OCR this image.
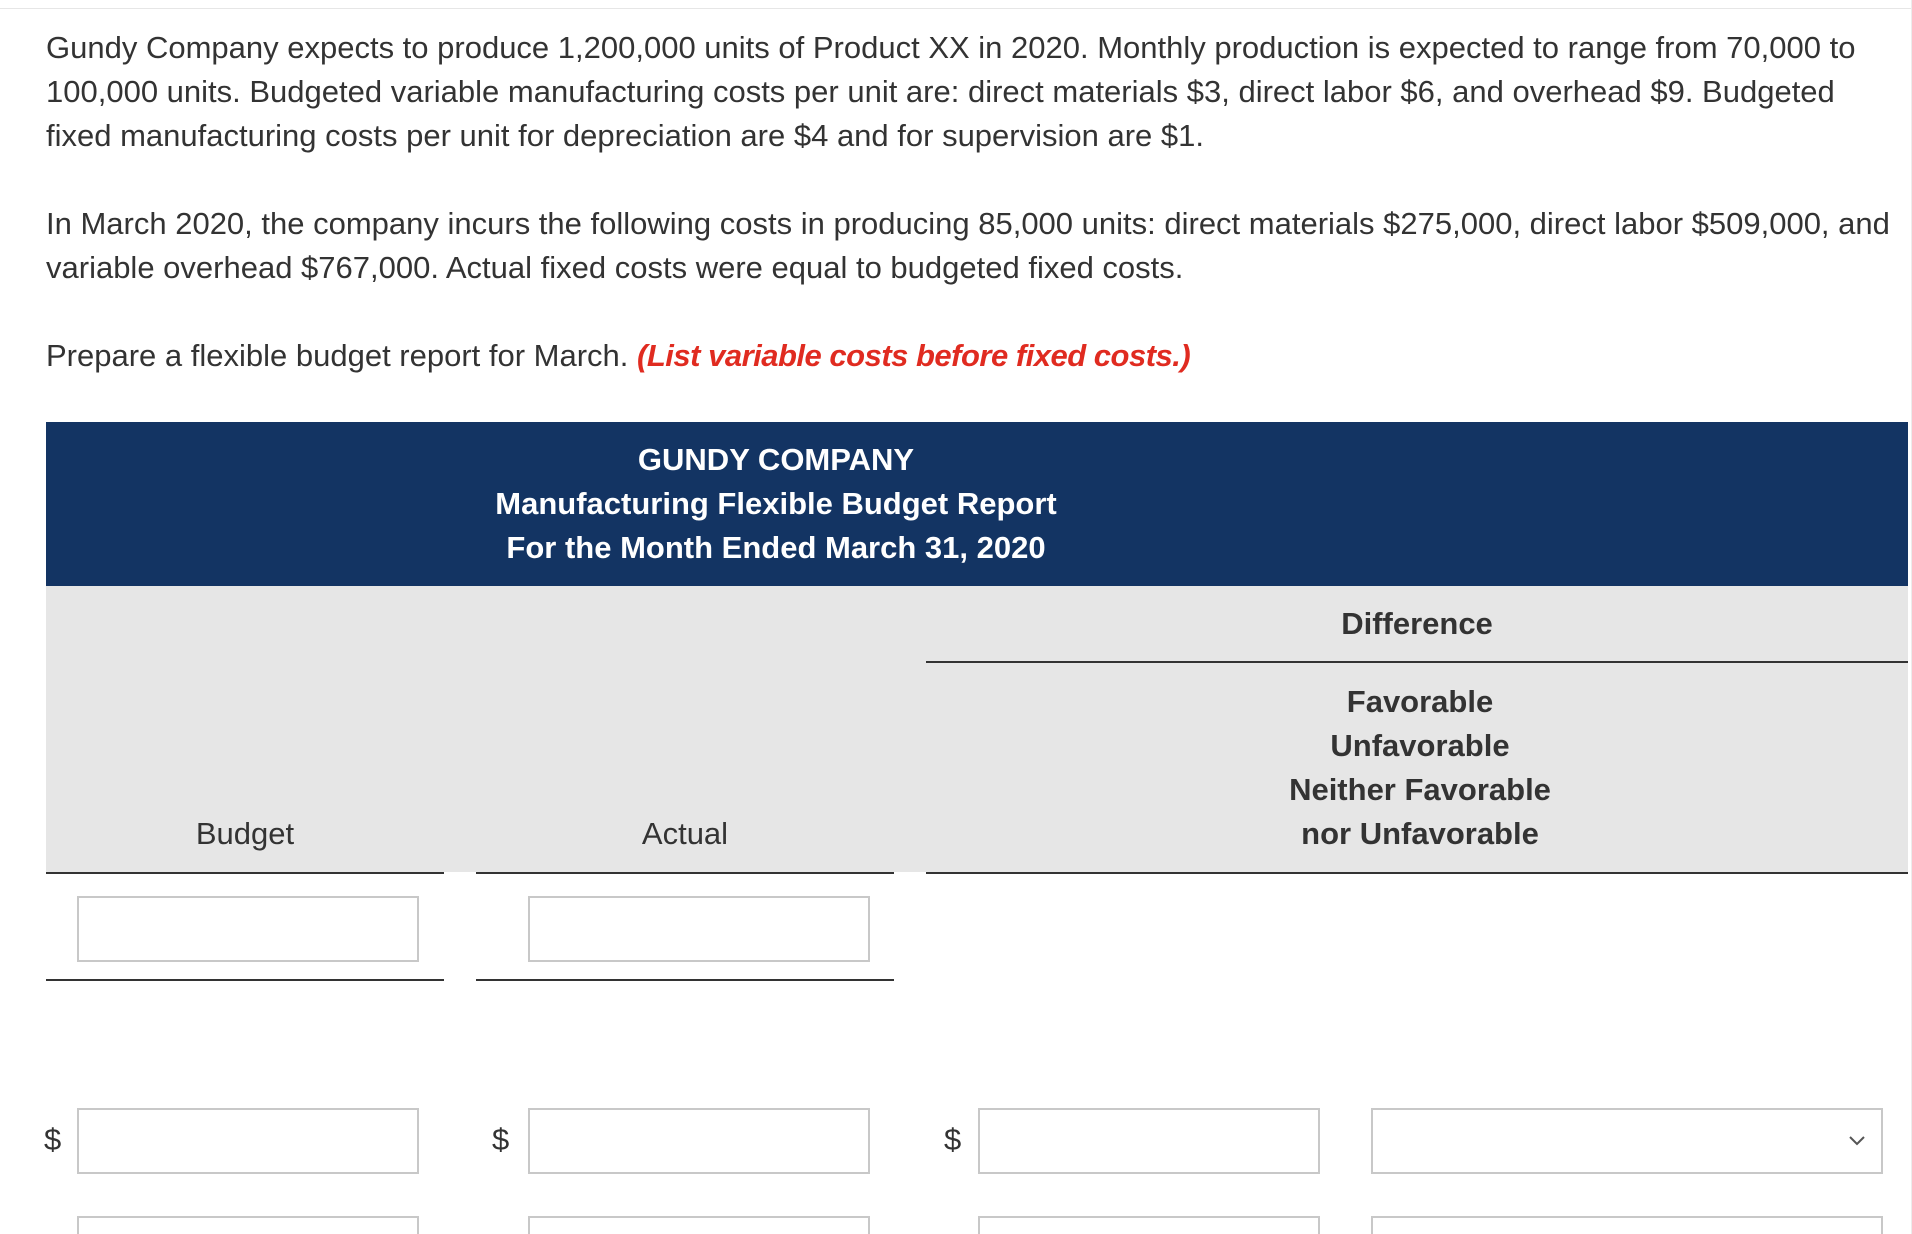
Gundy Company expects to produce 1,200,000 units of Product XX in 2020. Monthly production is expected to range from 70,000 to 100,000 units. Budgeted variable manufacturing costs per unit are: direct materials $3, direct labor $6, and overhead $9. Budgeted fixed manufacturing costs per unit for depreciation are $4 and for supervision are $1.

In March 2020, the company incurs the following costs in producing 85,000 units: direct materials $275,000, direct labor $509,000, and variable overhead $767,000. Actual fixed costs were equal to budgeted fixed costs.

Prepare a flexible budget report for March. (List variable costs before fixed costs.)

GUNDY COMPANY
Manufacturing Flexible Budget Report
For the Month Ended March 31, 2020
Difference
Favorable
Unfavorable
Neither Favorable
nor Unfavorable
Budget	Actual
$	$	$
